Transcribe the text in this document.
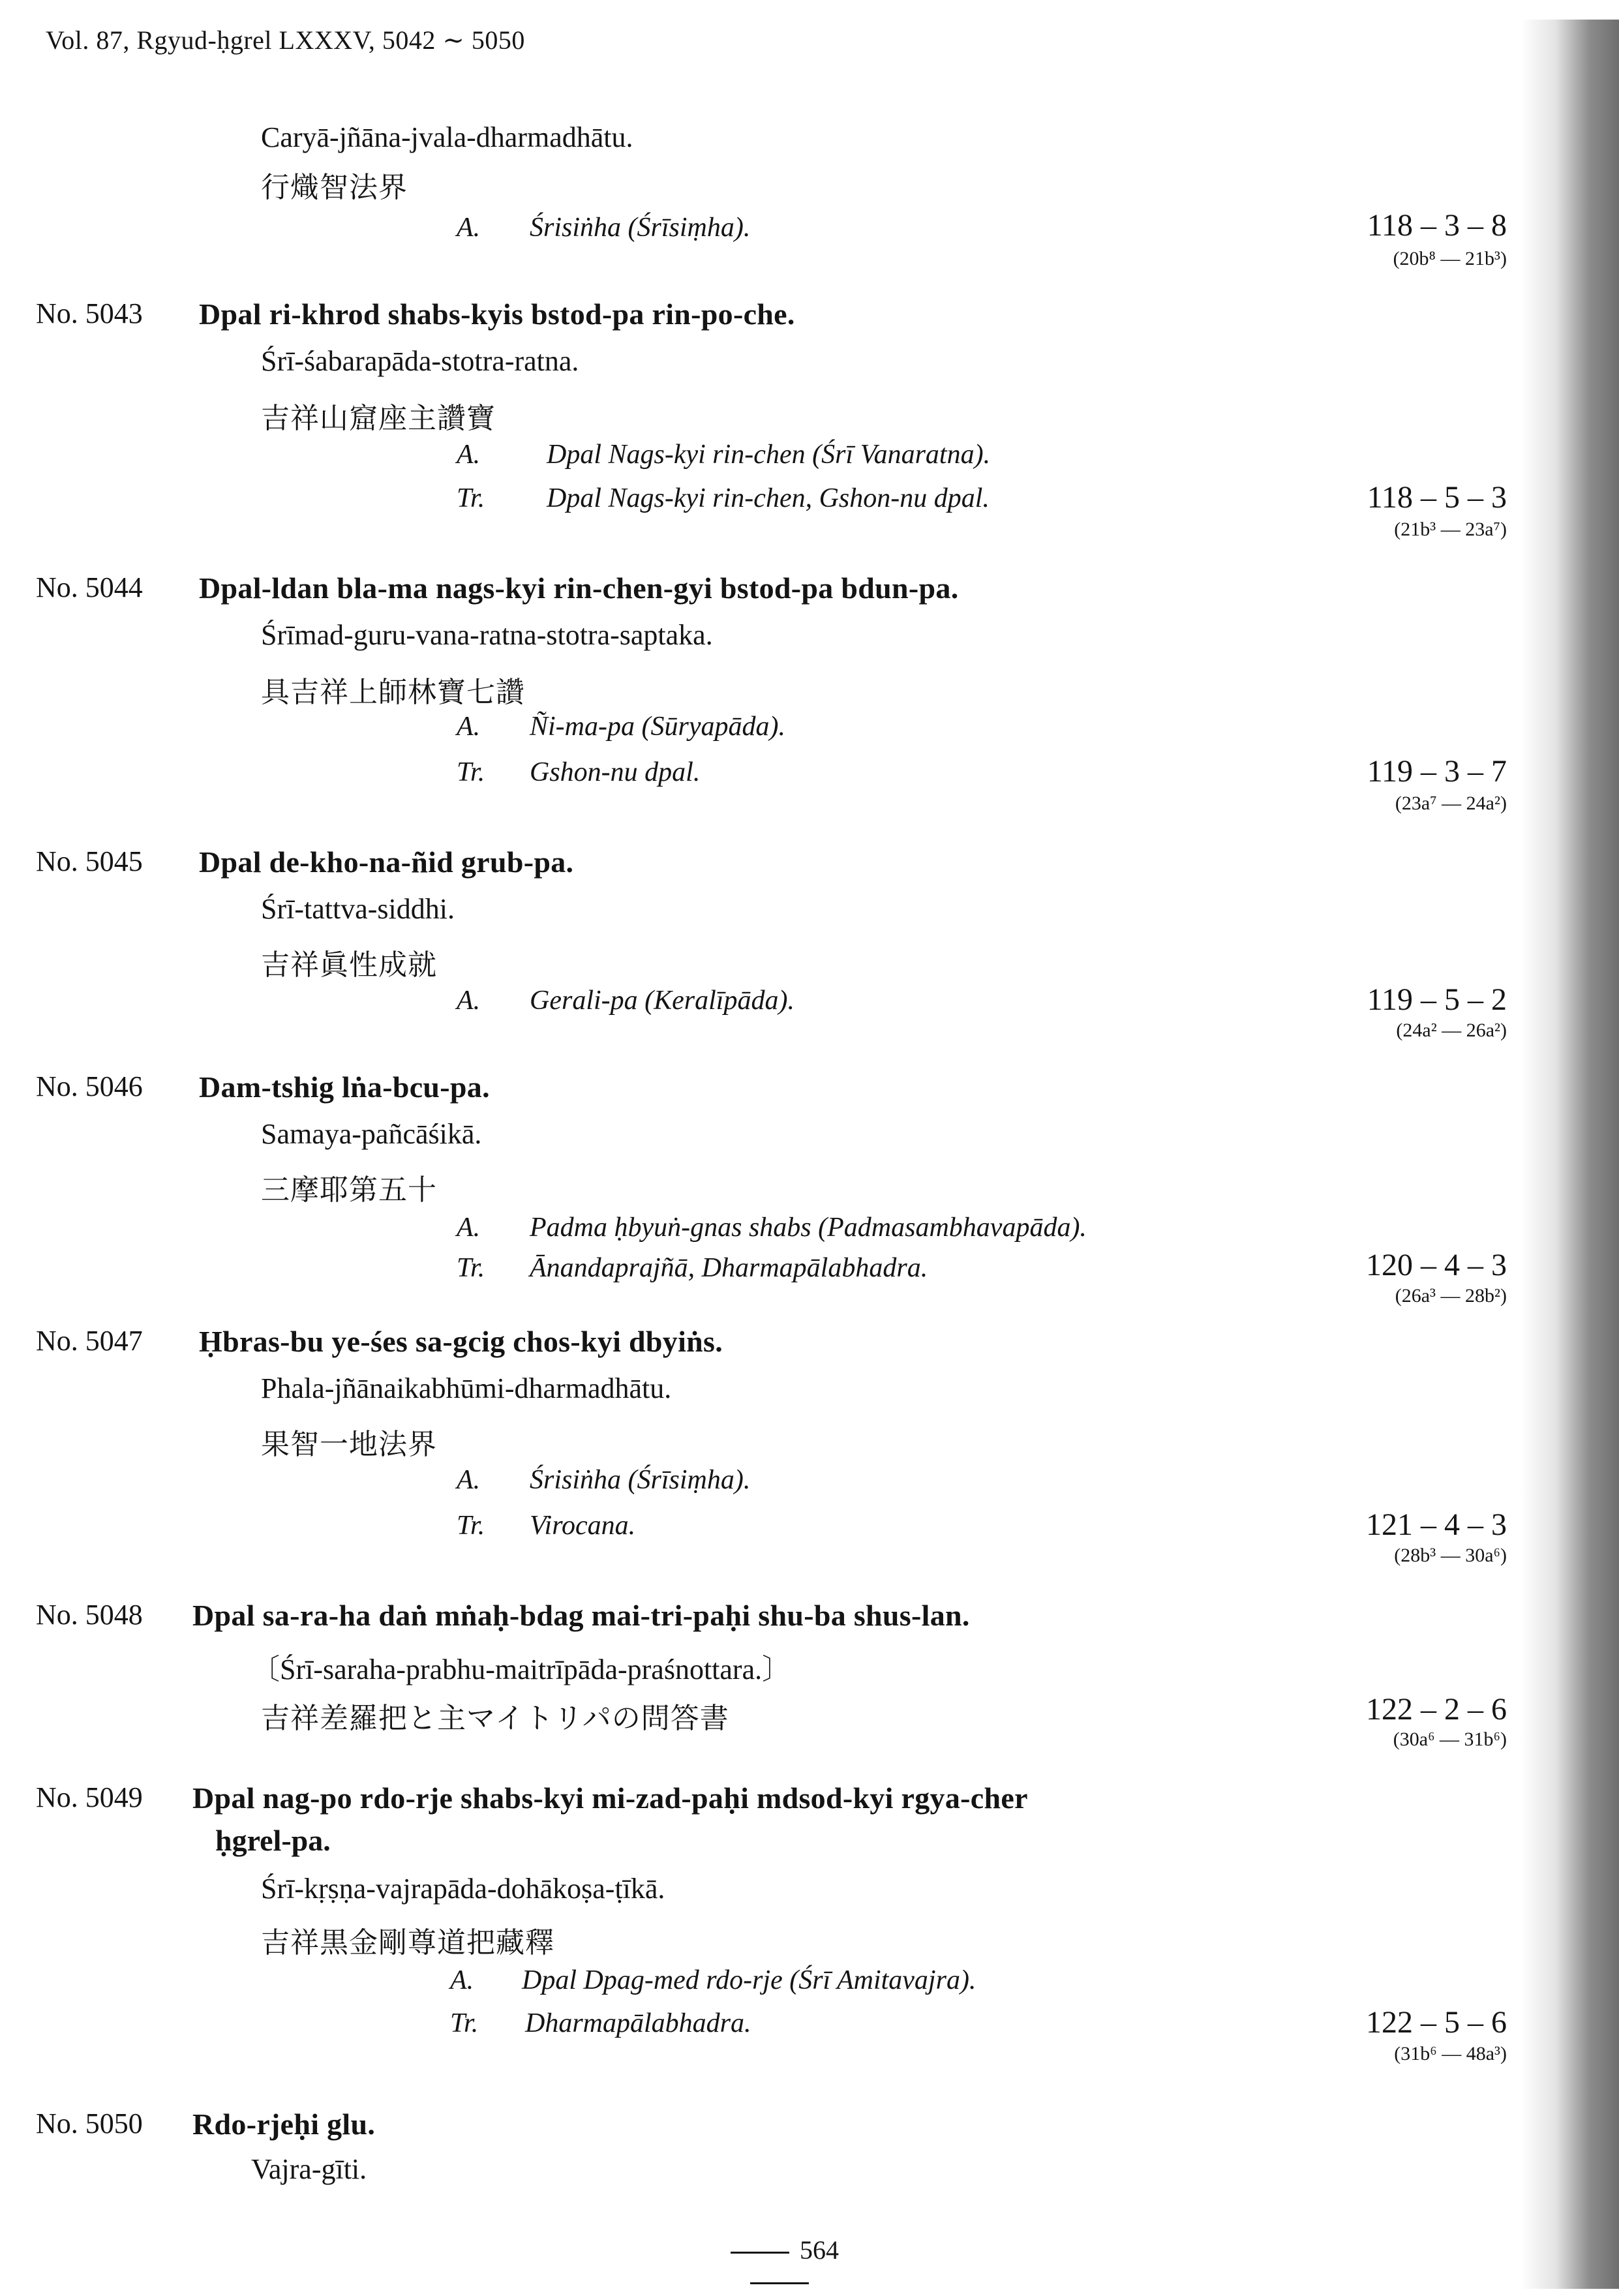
Vol. 87, Rgyud-ḥgrel LXXXV, 5042 ∼ 5050
Caryā-jñāna-jvala-dharmadhātu.
行熾智法界
A. Śrisiṅha (Śrīsiṃha).	118 – 3 – 8
(20b⁸ — 21b³)
No. 5043 Dpal ri-khrod shabs-kyis bstod-pa rin-po-che.
Śrī-śabarapāda-stotra-ratna.
吉祥山窟座主讚寶
A. Dpal Nags-kyi rin-chen (Śrī Vanaratna).
Tr. Dpal Nags-kyi rin-chen, Gshon-nu dpal.	118 – 5 – 3
(21b³ — 23a⁷)
No. 5044 Dpal-ldan bla-ma nags-kyi rin-chen-gyi bstod-pa bdun-pa.
Śrīmad-guru-vana-ratna-stotra-saptaka.
具吉祥上師林寶七讚
A. Ñi-ma-pa (Sūryapāda).
Tr. Gshon-nu dpal.	119 – 3 – 7
(23a⁷ — 24a²)
No. 5045 Dpal de-kho-na-ñid grub-pa.
Śrī-tattva-siddhi.
吉祥眞性成就
A. Gerali-pa (Keralīpāda).	119 – 5 – 2
(24a² — 26a²)
No. 5046 Dam-tshig lṅa-bcu-pa.
Samaya-pañcāśikā.
三摩耶第五十
A. Padma ḥbyuṅ-gnas shabs (Padmasambhavapāda).
Tr. Ānandaprajñā, Dharmapālabhadra.	120 – 4 – 3
(26a³ — 28b²)
No. 5047 Ḥbras-bu ye-śes sa-gcig chos-kyi dbyiṅs.
Phala-jñānaikabhūmi-dharmadhātu.
果智一地法界
A. Śrisiṅha (Śrīsiṃha).
Tr. Virocana.	121 – 4 – 3
(28b³ — 30a⁶)
No. 5048 Dpal sa-ra-ha daṅ mṅaḥ-bdag mai-tri-paḥi shu-ba shus-lan.
〔Śrī-saraha-prabhu-maitrīpāda-praśnottara.〕
吉祥差羅把と主マイトリパの問答書	122 – 2 – 6
(30a⁶ — 31b⁶)
No. 5049 Dpal nag-po rdo-rje shabs-kyi mi-zad-paḥi mdsod-kyi rgya-cher
ḥgrel-pa.
Śrī-kṛṣṇa-vajrapāda-dohākoṣa-ṭīkā.
吉祥黒金剛尊道把藏釋
A. Dpal Dpag-med rdo-rje (Śrī Amitavajra).
Tr. Dharmapālabhadra.	122 – 5 – 6
(31b⁶ — 48a³)
No. 5050 Rdo-rjeḥi glu.
Vajra-gīti.
564
